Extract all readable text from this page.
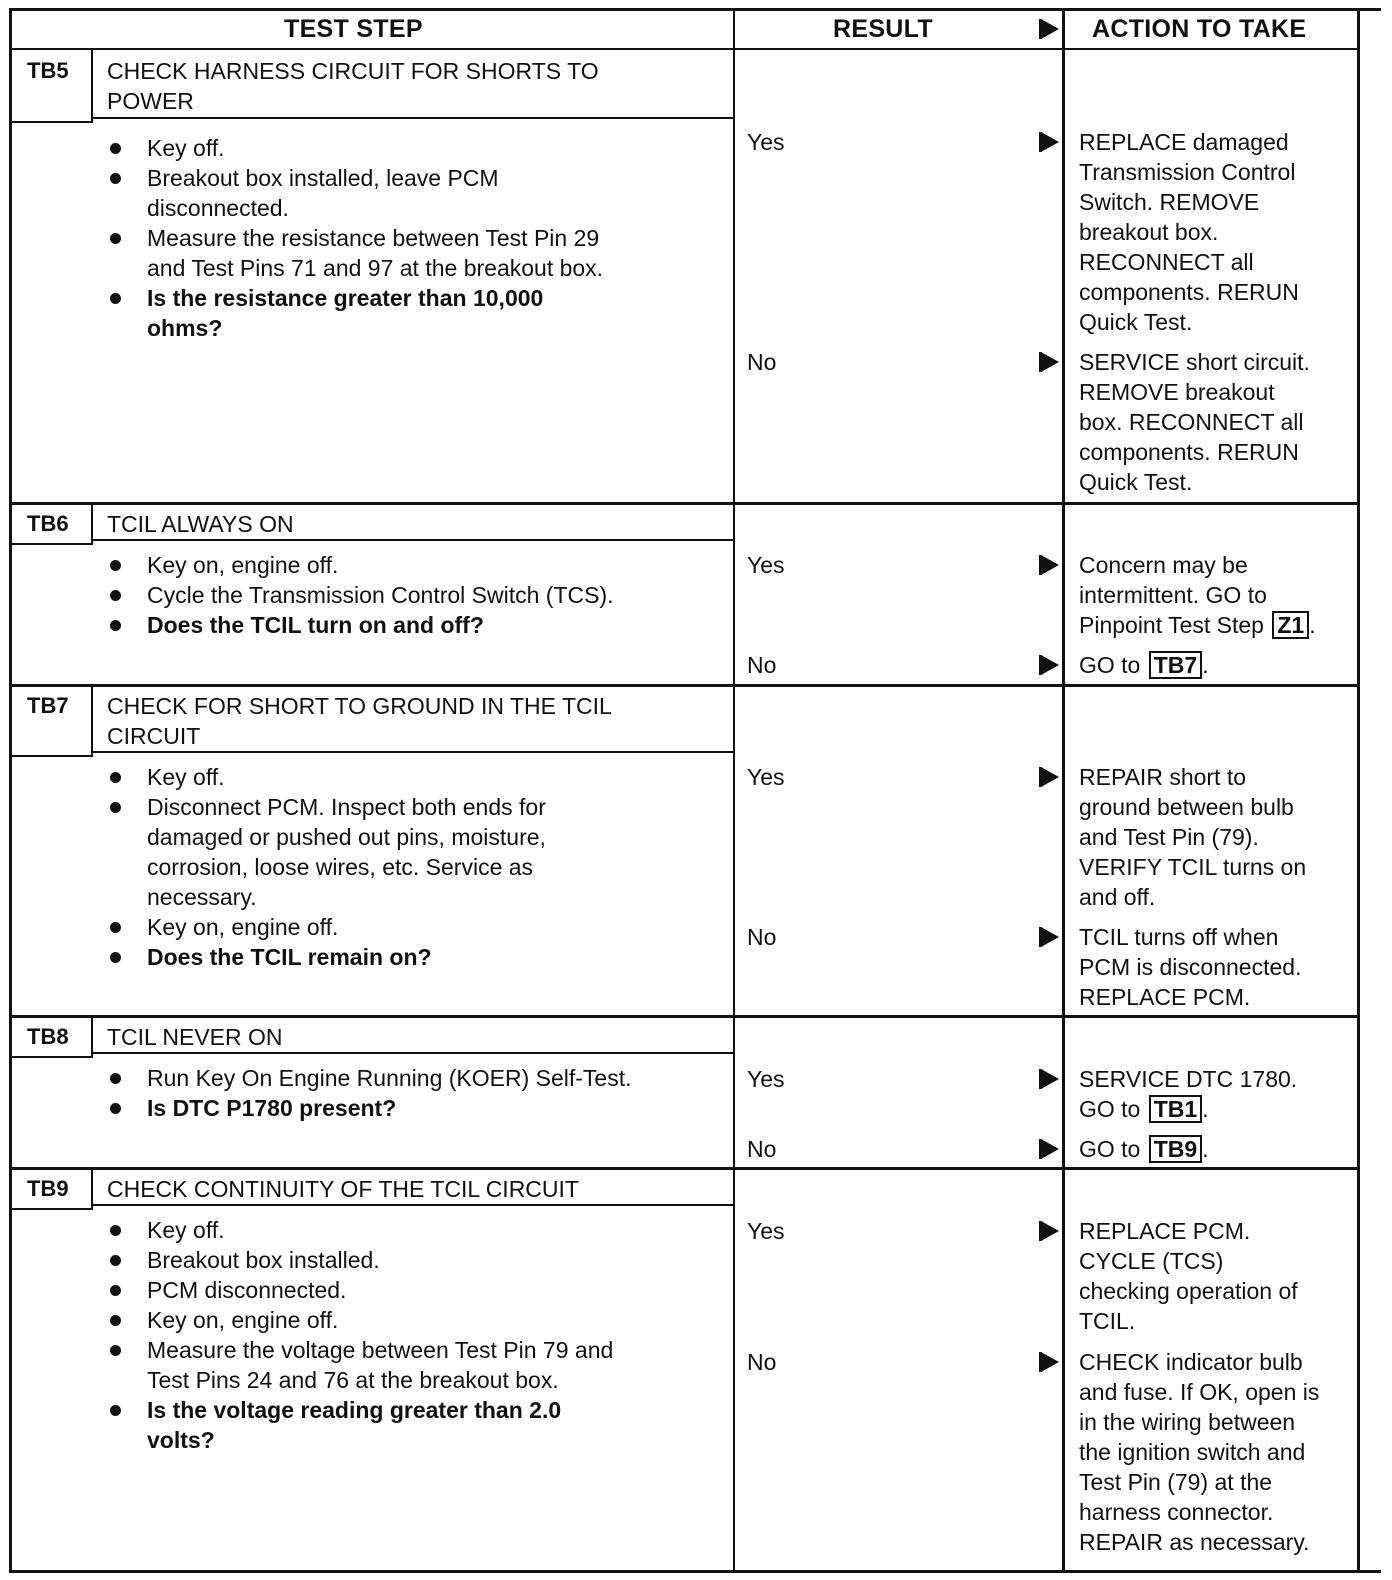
TEST STEP	RESULT	ACTION TO TAKE
TB5 CHECK HARNESS CIRCUIT FOR SHORTS TO
POWER
Key off.
Breakout box installed, leave PCM
disconnected.
Measure the resistance between Test Pin 29
and Test Pins 71 and 97 at the breakout box.
Is the resistance greater than 10,000
ohms?
Yes	REPLACE damaged
Transmission Control
Switch. REMOVE
breakout box.
RECONNECT all
components. RERUN
Quick Test.
No	SERVICE short circuit.
REMOVE breakout
box. RECONNECT all
components. RERUN
Quick Test.
TB6 TCIL ALWAYS ON
Key on, engine off.
Cycle the Transmission Control Switch (TCS).
Does the TCIL turn on and off?
Yes	Concern may be
intermittent. GO to
Pinpoint Test Step Z1 .
No	GO to TB7 .
TB7 CHECK FOR SHORT TO GROUND IN THE TCIL
CIRCUIT
Key off.
Disconnect PCM. Inspect both ends for
damaged or pushed out pins, moisture,
corrosion, loose wires, etc. Service as
necessary.
Key on, engine off.
Does the TCIL remain on?
Yes	REPAIR short to
ground between bulb
and Test Pin (79).
VERIFY TCIL turns on
and off.
No	TCIL turns off when
PCM is disconnected.
REPLACE PCM.
TB8 TCIL NEVER ON
Run Key On Engine Running (KOER) Self-Test.
Is DTC P1780 present?
Yes	SERVICE DTC 1780.
GO to TB1 .
No	GO to TB9 .
TB9 CHECK CONTINUITY OF THE TCIL CIRCUIT
Key off.
Breakout box installed.
PCM disconnected.
Key on, engine off.
Measure the voltage between Test Pin 79 and
Test Pins 24 and 76 at the breakout box.
Is the voltage reading greater than 2.0
volts?
Yes	REPLACE PCM.
CYCLE (TCS)
checking operation of
TCIL.
No	CHECK indicator bulb
and fuse. If OK, open is
in the wiring between
the ignition switch and
Test Pin (79) at the
harness connector.
REPAIR as necessary.
